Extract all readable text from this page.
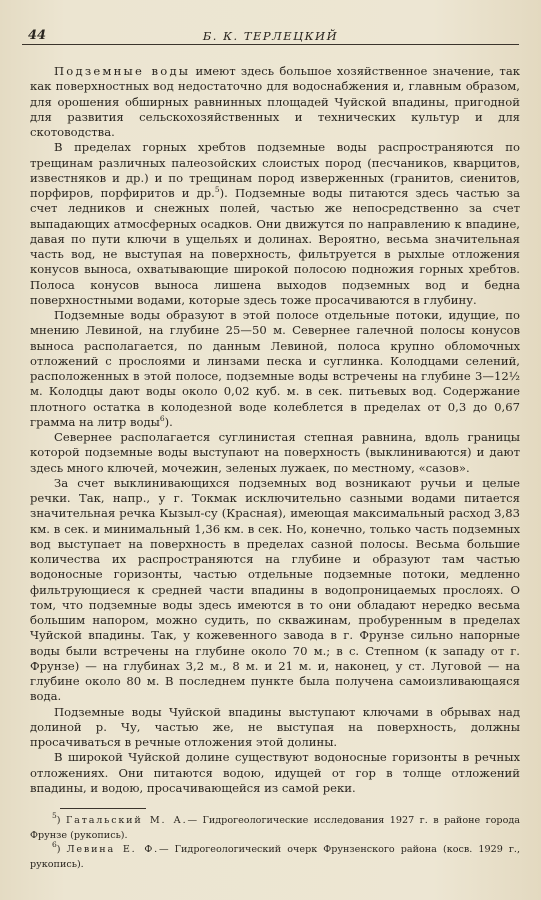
44	Б. К. ТЕРЛЕЦКИЙ

Подземные воды имеют здесь большое хозяйственное значение, так как поверхностных вод недостаточно для водоснабжения и, главным образом, для орошения обширных равнинных площадей Чуйской впадины, пригодной для развития сельскохозяйственных и технических культур и для скотоводства.

В пределах горных хребтов подземные воды распространяются по трещинам различных палеозойских слоистых пород (песчаников, кварцитов, известняков и др.) и по трещинам пород изверженных (гранитов, сиенитов, порфиров, порфиритов и др.$^5$). Подземные воды питаются здесь частью за счет ледников и снежных полей, частью же непосредственно за счет выпадающих атмосферных осадков. Они движутся по направлению к впадине, давая по пути ключи в ущельях и долинах. Вероятно, весьма значительная часть вод, не выступая на поверхность, фильтруется в рыхлые отложения конусов выноса, охватывающие широкой полосою подножия горных хребтов. Полоса конусов выноса лишена выходов подземных вод и бедна поверхностными водами, которые здесь тоже просачиваются в глубину.

Подземные воды образуют в этой полосе отдельные потоки, идущие, по мнению Левиной, на глубине 25—50 м. Севернее галечной полосы конусов выноса располагается, по данным Левиной, полоса крупно обломочных отложений с прослоями и линзами песка и суглинка. Колодцами селений, расположенных в этой полосе, подземные воды встречены на глубине 3—12½ м. Колодцы дают воды около 0,02 куб. м. в сек. питьевых вод. Содержание плотного остатка в колодезной воде колеблется в пределах от 0,3 до 0,67 грамма на литр воды$^6$).

Севернее располагается суглинистая степная равнина, вдоль границы которой подземные воды выступают на поверхность (выклиниваются) и дают здесь много ключей, мочежин, зеленых лужаек, по местному, «сазов».

За счет выклинивающихся подземных вод возникают ручьи и целые речки. Так, напр., у г. Токмак исключительно сазными водами питается значительная речка Кызыл-су (Красная), имеющая максимальный расход 3,83 км. в сек. и минимальный 1,36 км. в сек. Но, конечно, только часть подземных вод выступает на поверхность в пределах сазной полосы. Весьма большие количества их распространяются на глубине и образуют там частью водоносные горизонты, частью отдельные подземные потоки, медленно фильтрующиеся к средней части впадины в водопроницаемых прослоях. О том, что подземные воды здесь имеются в то они обладают нередко весьма большим напором, можно судить, по скважинам, пробуренным в пределах Чуйской впадины. Так, у кожевенного завода в г. Фрунзе сильно напорные воды были встречены на глубине около 70 м.; в с. Степном (к западу от г. Фрунзе) — на глубинах 3,2 м., 8 м. и 21 м. и, наконец, у ст. Луговой — на глубине около 80 м. В последнем пункте была получена самоизливающаяся вода.

Подземные воды Чуйской впадины выступают ключами в обрывах над долиной р. Чу, частью же, не выступая на поверхность, должны просачиваться в речные отложения этой долины.

В широкой Чуйской долине существуют водоносные горизонты в речных отложениях. Они питаются водою, идущей от гор в толще отложений впадины, и водою, просачивающейся из самой реки.

$^5$) Гатальский М. А.— Гидрогеологические исследования 1927 г. в районе города Фрунзе (рукопись).

$^6$) Левина Е. Ф.— Гидрогеологический очерк Фрунзенского района (косв. 1929 г., рукопись).
